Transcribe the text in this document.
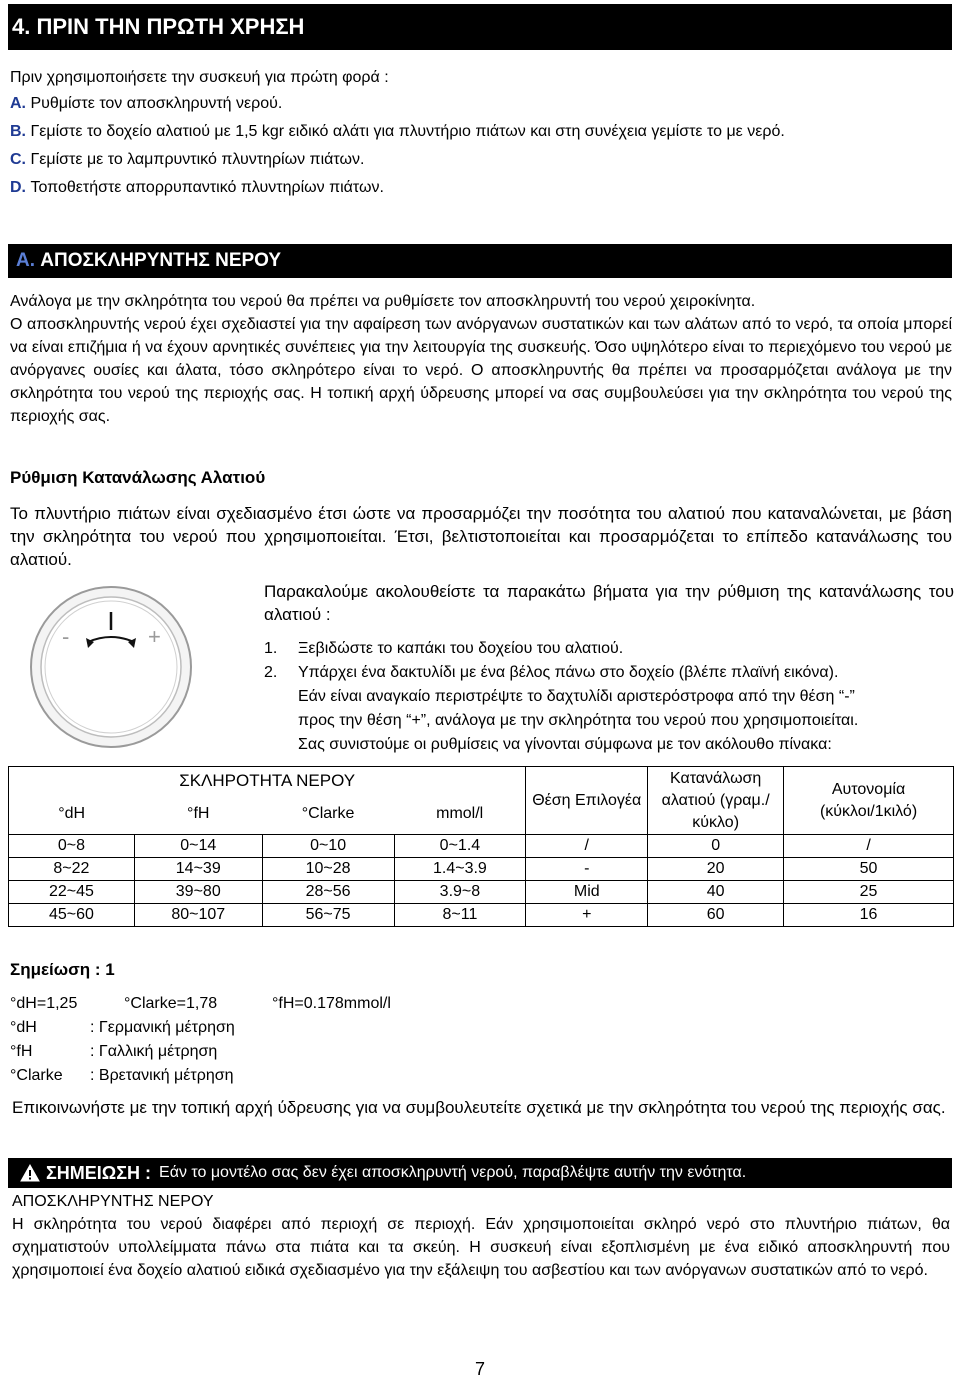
4. ΠΡΙΝ ΤΗΝ ΠΡΩΤΗ ΧΡΗΣΗ
Πριν χρησιμοποιήσετε την συσκευή για πρώτη φορά :
A. Ρυθμίστε τον αποσκληρυντή νερού.
B. Γεμίστε το δοχείο αλατιού με 1,5 kgr ειδικό αλάτι για πλυντήριο πιάτων και στη συνέχεια γεμίστε το με νερό.
C. Γεμίστε με το λαμπρυντικό πλυντηρίων πιάτων.
D. Τοποθετήστε απορρυπαντικό πλυντηρίων πιάτων.
A. ΑΠΟΣΚΛΗΡΥΝΤΗΣ ΝΕΡΟΥ
Ανάλογα με την σκληρότητα του νερού θα πρέπει να ρυθμίσετε τον αποσκληρυντή του νερού χειροκίνητα.
Ο αποσκληρυντής νερού έχει σχεδιαστεί για την αφαίρεση των ανόργανων συστατικών και των αλάτων από το νερό, τα οποία μπορεί να είναι επιζήμια ή να έχουν αρνητικές συνέπειες για την λειτουργία της συσκευής. Όσο υψηλότερο είναι το περιεχόμενο του νερού με ανόργανες ουσίες και άλατα, τόσο σκληρότερο είναι το νερό. Ο αποσκληρυντής θα πρέπει να προσαρμόζεται ανάλογα με την σκληρότητα του νερού της περιοχής σας. Η τοπική αρχή ύδρευσης μπορεί να σας συμβουλεύσει για την σκληρότητα του νερού της περιοχής σας.
Ρύθμιση Κατανάλωσης Αλατιού
Το πλυντήριο πιάτων είναι σχεδιασμένο έτσι ώστε να προσαρμόζει την ποσότητα του αλατιού που καταναλώνεται, με βάση την σκληρότητα του νερού που χρησιμοποιείται. Έτσι, βελτιστοποιείται και προσαρμόζεται το επίπεδο κατανάλωσης του αλατιού.
-	+
Παρακαλούμε ακολουθείστε τα παρακάτω βήματα για την ρύθμιση της κατανάλωσης του αλατιού :
1. Ξεβιδώστε το καπάκι του δοχείου του αλατιού.
2. Υπάρχει ένα δακτυλίδι με ένα βέλος πάνω στο δοχείο (βλέπε πλαϊνή εικόνα).
Εάν είναι αναγκαίο περιστρέψτε το δαχτυλίδι αριστερόστροφα από την θέση “-”
προς την θέση “+”, ανάλογα με την σκληρότητα του νερού που χρησιμοποιείται.
Σας συνιστούμε οι ρυθμίσεις να γίνονται σύμφωνα με τον ακόλουθο πίνακα:
ΣΚΛΗΡΟΤΗΤΑ ΝΕΡΟΥ				Θέση Επιλογέα	Κατανάλωση αλατιού (γραμ./κύκλο)	Αυτονομία (κύκλοι/1κιλό)
°dH	°fH	°Clarke	mmol/l			
0~8	0~14	0~10	0~1.4	/	0	/
8~22	14~39	10~28	1.4~3.9	-	20	50
22~45	39~80	28~56	3.9~8	Mid	40	25
45~60	80~107	56~75	8~11	+	60	16
Σημείωση : 1
°dH=1,25	°Clarke=1,78	°fH=0.178mmol/l
°dH	: Γερμανική μέτρηση
°fH	: Γαλλική μέτρηση
°Clarke : Βρετανική μέτρηση
Επικοινωνήστε με την τοπική αρχή ύδρευσης για να συμβουλευτείτε σχετικά με την σκληρότητα του νερού της περιοχής σας.
ΣΗΜΕΙΩΣΗ : Εάν το μοντέλο σας δεν έχει αποσκληρυντή νερού, παραβλέψτε αυτήν την ενότητα.
ΑΠΟΣΚΛΗΡΥΝΤΗΣ ΝΕΡΟΥ
Η σκληρότητα του νερού διαφέρει από περιοχή σε περιοχή. Εάν χρησιμοποιείται σκληρό νερό στο πλυντήριο πιάτων, θα σχηματιστούν υπολλείμματα πάνω στα πιάτα και τα σκεύη. Η συσκευή είναι εξοπλισμένη με ένα ειδικό αποσκληρυντή που χρησιμοποιεί ένα δοχείο αλατιού ειδικά σχεδιασμένο για την εξάλειψη του ασβεστίου και των ανόργανων συστατικών από το νερό.
7
